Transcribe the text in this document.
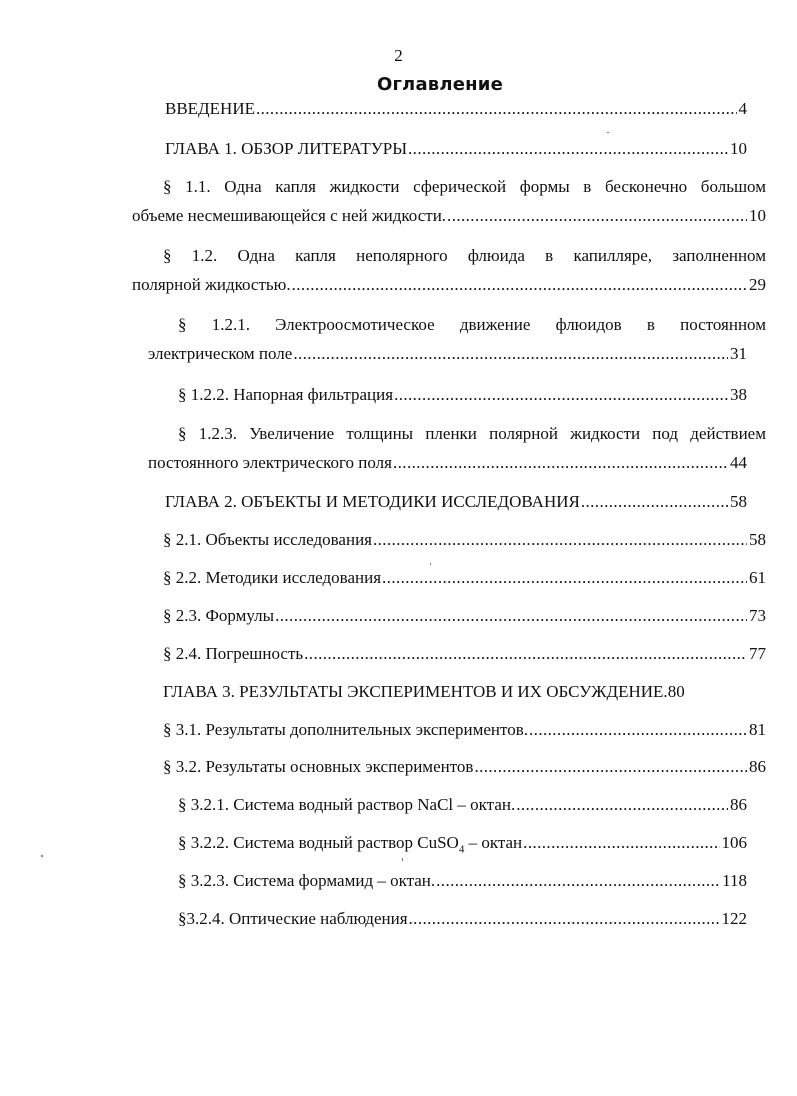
2
Оглавление
ВВЕДЕНИЕ .....	4
ГЛАВА 1. ОБЗОР ЛИТЕРАТУРЫ .....	10
§ 1.1. Одна капля жидкости сферической формы в бесконечно большом
объеме несмешивающейся с ней жидкости. .....	10
§ 1.2. Одна капля неполярного флюида в капилляре, заполненном
полярной жидкостью. .....	29
§ 1.2.1. Электроосмотическое движение флюидов в постоянном
электрическом поле .....	31
§ 1.2.2. Напорная фильтрация .....	38
§ 1.2.3. Увеличение толщины пленки полярной жидкости под действием
постоянного электрического поля .....	44
ГЛАВА 2. ОБЪЕКТЫ И МЕТОДИКИ ИССЛЕДОВАНИЯ .....	58
§ 2.1. Объекты исследования .....	58
§ 2.2. Методики исследования .....	61
§ 2.3. Формулы .....	73
§ 2.4. Погрешность .....	77
ГЛАВА 3. РЕЗУЛЬТАТЫ ЭКСПЕРИМЕНТОВ И ИХ ОБСУЖДЕНИЕ. 80
§ 3.1. Результаты дополнительных экспериментов. .....	81
§ 3.2. Результаты основных экспериментов .....	86
§ 3.2.1. Система водный раствор NaCl – октан. .....	86
§ 3.2.2. Система водный раствор CuSO$_4$ – октан .....	106
§ 3.2.3. Система формамид – октан. .....	118
§3.2.4. Оптические наблюдения .....	122
